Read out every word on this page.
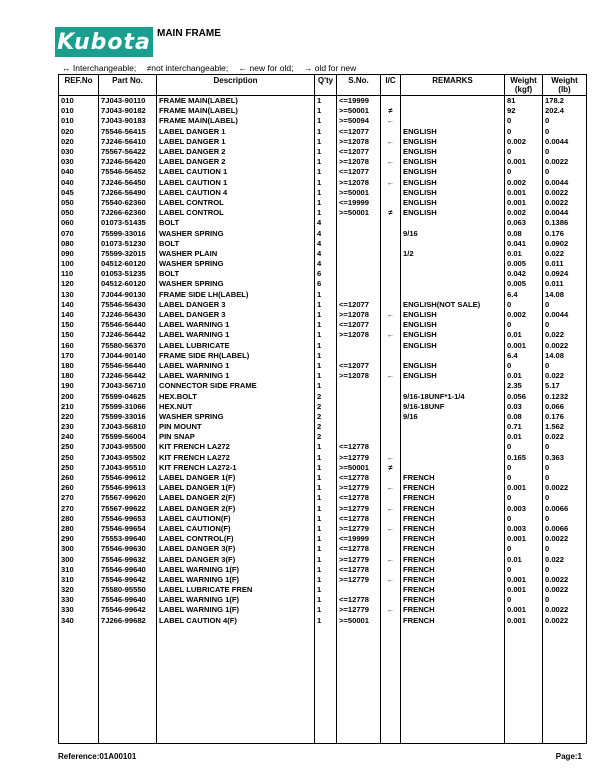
Kubota MAIN FRAME
↔ Interchangeable; ≠not interchangeable; ← new for old; → old for new
REF.No	Part No.	Description	Q'ty	S.No.	I/C	REMARKS	Weight (kgf)	Weight (lb)
010	7J043-90110	FRAME MAIN(LABEL)	1	<=19999			81	178.2
010	7J043-90182	FRAME MAIN(LABEL)	1	>=50001	≠		92	202.4
010	7J043-90183	FRAME MAIN(LABEL)	1	>=50094	←		0	0
020	75546-56415	LABEL DANGER 1	1	<=12077		ENGLISH	0	0
020	7J246-56410	LABEL DANGER 1	1	>=12078	←	ENGLISH	0.002	0.0044
030	75567-56422	LABEL DANGER 2	1	<=12077		ENGLISH	0	0
030	7J246-56420	LABEL DANGER 2	1	>=12078	←	ENGLISH	0.001	0.0022
040	75546-56452	LABEL CAUTION 1	1	<=12077		ENGLISH	0	0
040	7J246-56450	LABEL CAUTION 1	1	>=12078	←	ENGLISH	0.002	0.0044
045	7J266-56490	LABEL CAUTION 4	1	>=50001		ENGLISH	0.001	0.0022
050	75540-62360	LABEL CONTROL	1	<=19999		ENGLISH	0.001	0.0022
050	7J266-62360	LABEL CONTROL	1	>=50001	≠	ENGLISH	0.002	0.0044
060	01073-51435	BOLT	4				0.063	0.1386
070	75599-33016	WASHER SPRING	4			9/16	0.08	0.176
080	01073-51230	BOLT	4				0.041	0.0902
090	75599-32015	WASHER PLAIN	4			1/2	0.01	0.022
100	04512-60120	WASHER SPRING	4				0.005	0.011
110	01053-51235	BOLT	6				0.042	0.0924
120	04512-60120	WASHER SPRING	6				0.005	0.011
130	7J044-90130	FRAME SIDE LH(LABEL)	1				6.4	14.08
140	75546-56430	LABEL DANGER 3	1	<=12077		ENGLISH(NOT SALE)	0	0
140	7J246-56430	LABEL DANGER 3	1	>=12078	←	ENGLISH	0.002	0.0044
150	75546-56440	LABEL WARNING 1	1	<=12077		ENGLISH	0	0
150	7J246-56442	LABEL WARNING 1	1	>=12078	←	ENGLISH	0.01	0.022
160	75580-56370	LABEL LUBRICATE	1			ENGLISH	0.001	0.0022
170	7J044-90140	FRAME SIDE RH(LABEL)	1				6.4	14.08
180	75546-56440	LABEL WARNING 1	1	<=12077		ENGLISH	0	0
180	7J246-56442	LABEL WARNING 1	1	>=12078	←	ENGLISH	0.01	0.022
190	7J043-56710	CONNECTOR SIDE FRAME	1				2.35	5.17
200	75599-04625	HEX.BOLT	2			9/16-18UNF*1-1/4	0.056	0.1232
210	75599-31066	HEX.NUT	2			9/16-18UNF	0.03	0.066
220	75599-33016	WASHER SPRING	2			9/16	0.08	0.176
230	7J043-56810	PIN MOUNT	2				0.71	1.562
240	75599-56004	PIN SNAP	2				0.01	0.022
250	7J043-95500	KIT FRENCH LA272	1	<=12778			0	0
250	7J043-95502	KIT FRENCH LA272	1	>=12779	←		0.165	0.363
250	7J043-95510	KIT FRENCH LA272-1	1	>=50001	≠		0	0
260	75546-99612	LABEL DANGER 1(F)	1	<=12778		FRENCH	0	0
260	75546-99613	LABEL DANGER 1(F)	1	>=12779	←	FRENCH	0.001	0.0022
270	75567-99620	LABEL DANGER 2(F)	1	<=12778		FRENCH	0	0
270	75567-99622	LABEL DANGER 2(F)	1	>=12779	←	FRENCH	0.003	0.0066
280	75546-99653	LABEL CAUTION(F)	1	<=12778		FRENCH	0	0
280	75546-99654	LABEL CAUTION(F)	1	>=12779	←	FRENCH	0.003	0.0066
290	75553-99640	LABEL CONTROL(F)	1	<=19999		FRENCH	0.001	0.0022
300	75546-99630	LABEL DANGER 3(F)	1	<=12778		FRENCH	0	0
300	75546-99632	LABEL DANGER 3(F)	1	>=12779	←	FRENCH	0.01	0.022
310	75546-99640	LABEL WARNING 1(F)	1	<=12778		FRENCH	0	0
310	75546-99642	LABEL WARNING 1(F)	1	>=12779	←	FRENCH	0.001	0.0022
320	75580-95550	LABEL LUBRICATE FREN	1			FRENCH	0.001	0.0022
330	75546-99640	LABEL WARNING 1(F)	1	<=12778		FRENCH	0	0
330	75546-99642	LABEL WARNING 1(F)	1	>=12779	←	FRENCH	0.001	0.0022
340	7J266-99682	LABEL CAUTION 4(F)	1	>=50001		FRENCH	0.001	0.0022

Reference:01A00101	Page:1
